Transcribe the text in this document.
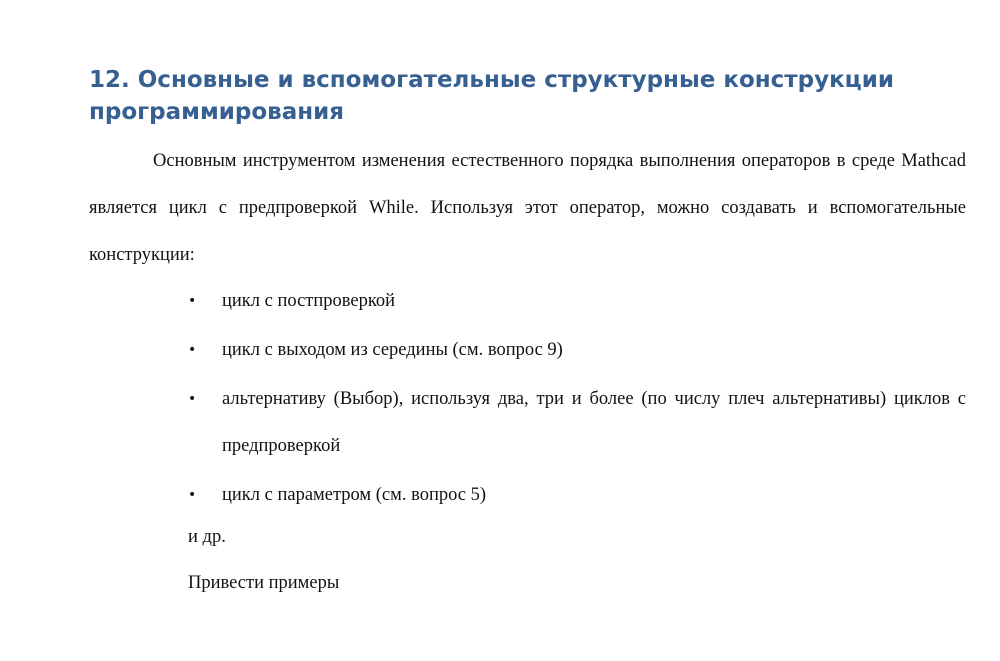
12. Основные и вспомогательные структурные конструкции программирования

Основным инструментом изменения естественного порядка выполнения операторов в среде Mathcad является цикл с предпроверкой While. Используя этот оператор, можно создавать и вспомогательные конструкции:

• цикл с постпроверкой
• цикл с выходом из середины (см. вопрос 9)
• альтернативу (Выбор), используя два, три и более (по числу плеч альтернативы) циклов с предпроверкой
• цикл с параметром (см. вопрос 5)

и др.

Привести примеры
